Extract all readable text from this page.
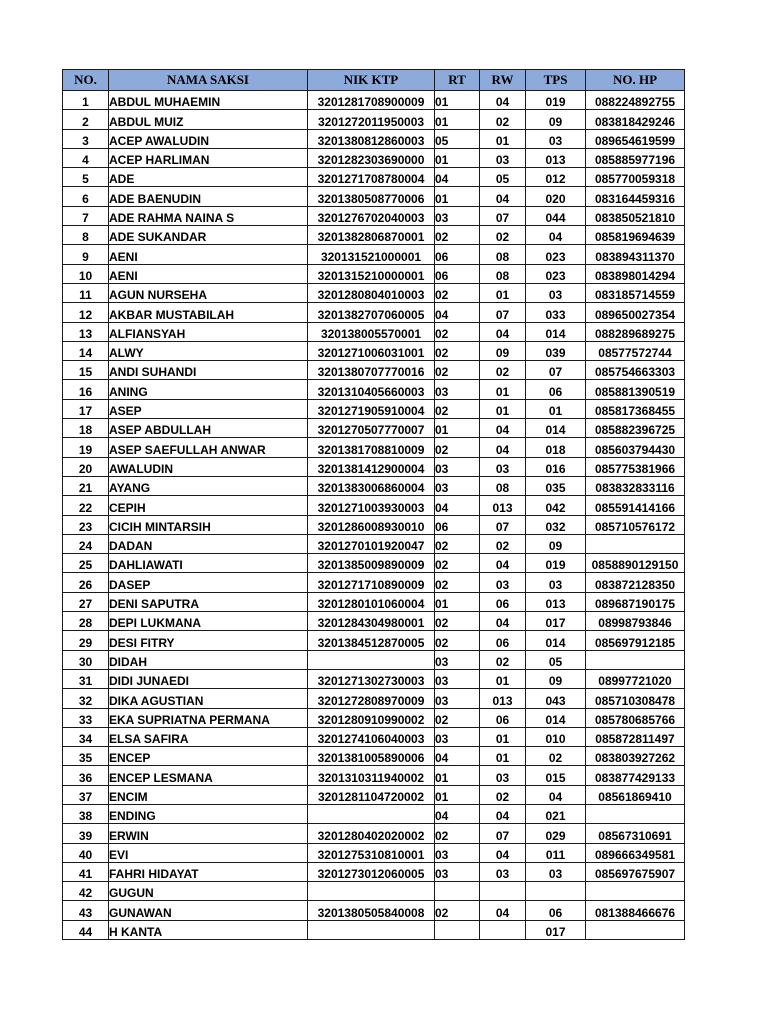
NO.	NAMA SAKSI	NIK KTP	RT	RW	TPS	NO. HP
1	ABDUL MUHAEMIN	3201281708900009	01	04	019	088224892755
2	ABDUL MUIZ	3201272011950003	01	02	09	083818429246
3	ACEP AWALUDIN	3201380812860003	05	01	03	089654619599
4	ACEP HARLIMAN	3201282303690000	01	03	013	085885977196
5	ADE	3201271708780004	04	05	012	085770059318
6	ADE BAENUDIN	3201380508770006	01	04	020	083164459316
7	ADE RAHMA NAINA S	3201276702040003	03	07	044	083850521810
8	ADE SUKANDAR	3201382806870001	02	02	04	085819694639
9	AENI	320131521000001	06	08	023	083894311370
10	AENI	3201315210000001	06	08	023	083898014294
11	AGUN NURSEHA	3201280804010003	02	01	03	083185714559
12	AKBAR MUSTABILAH	3201382707060005	04	07	033	089650027354
13	ALFIANSYAH	320138005570001	02	04	014	088289689275
14	ALWY	3201271006031001	02	09	039	08577572744
15	ANDI SUHANDI	3201380707770016	02	02	07	085754663303
16	ANING	3201310405660003	03	01	06	085881390519
17	ASEP	3201271905910004	02	01	01	085817368455
18	ASEP ABDULLAH	3201270507770007	01	04	014	085882396725
19	ASEP SAEFULLAH ANWAR	3201381708810009	02	04	018	085603794430
20	AWALUDIN	3201381412900004	03	03	016	085775381966
21	AYANG	3201383006860004	03	08	035	083832833116
22	CEPIH	3201271003930003	04	013	042	085591414166
23	CICIH MINTARSIH	3201286008930010	06	07	032	085710576172
24	DADAN	3201270101920047	02	02	09	
25	DAHLIAWATI	3201385009890009	02	04	019	0858890129150
26	DASEP	3201271710890009	02	03	03	083872128350
27	DENI SAPUTRA	3201280101060004	01	06	013	089687190175
28	DEPI LUKMANA	3201284304980001	02	04	017	08998793846
29	DESI FITRY	3201384512870005	02	06	014	085697912185
30	DIDAH		03	02	05	
31	DIDI JUNAEDI	3201271302730003	03	01	09	08997721020
32	DIKA AGUSTIAN	3201272808970009	03	013	043	085710308478
33	EKA SUPRIATNA PERMANA	3201280910990002	02	06	014	085780685766
34	ELSA SAFIRA	3201274106040003	03	01	010	085872811497
35	ENCEP	3201381005890006	04	01	02	083803927262
36	ENCEP LESMANA	3201310311940002	01	03	015	083877429133
37	ENCIM	3201281104720002	01	02	04	08561869410
38	ENDING		04	04	021	
39	ERWIN	3201280402020002	02	07	029	08567310691
40	EVI	3201275310810001	03	04	011	089666349581
41	FAHRI HIDAYAT	3201273012060005	03	03	03	085697675907
42	GUGUN					
43	GUNAWAN	3201380505840008	02	04	06	081388466676
44	H KANTA				017	
